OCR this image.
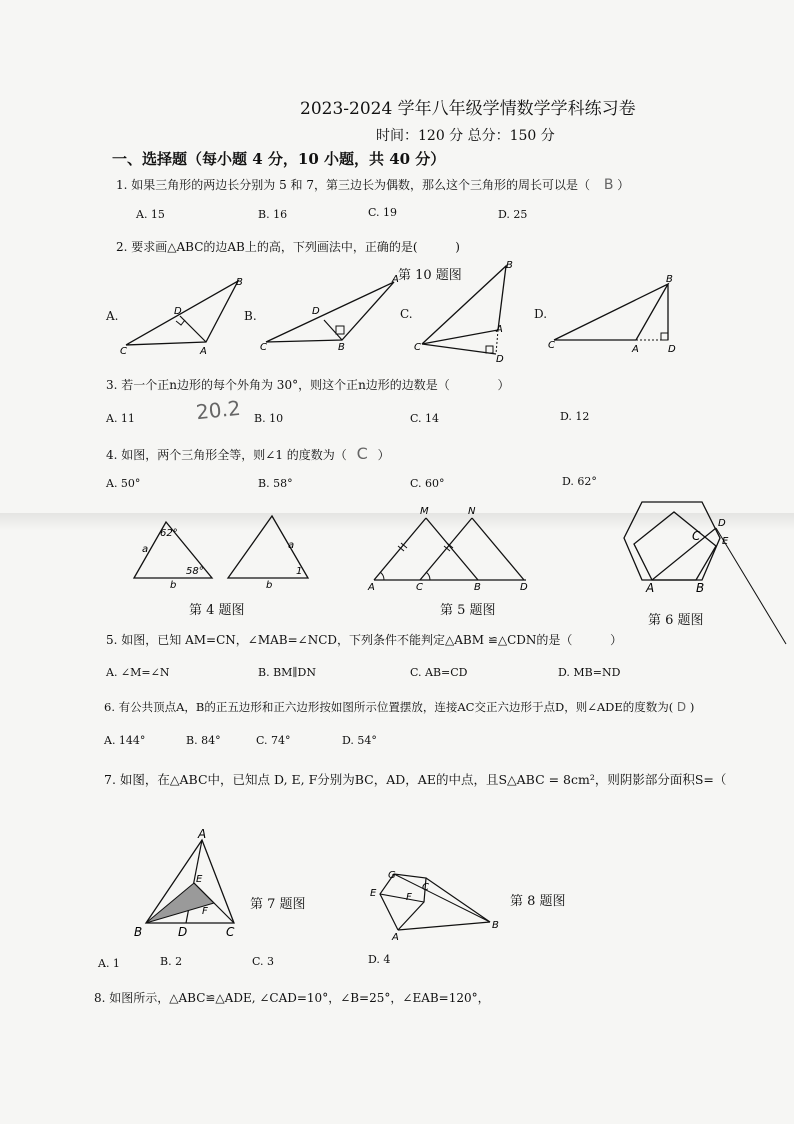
2023-2024 学年八年级学情数学学科练习卷
时间：120 分 总分：150 分
一、选择题（每小题 4 分，10 小题，共 40 分）
1. 如果三角形的两边长分别为 5 和 7，第三边长为偶数，那么这个三角形的周长可以是（ B ）
A. 15	B. 16	C. 19	D. 25
2. 要求画△ABC的边AB上的高，下列画法中，正确的是(	)
第 10 题图
A.	D
B
C	A
B.	D
A
C	B
C.
B
A
C
D
D.
B
C	A	D
3. 若一个正n边形的每个外角为 30°，则这个正n边形的边数是（	）
A. 11	B. 10	C. 14	D. 12
20.2
4. 如图，两个三角形全等，则∠1 的度数为（ C ）
A. 50°	B. 58°	C. 60°	D. 62°
62°
a
58°
b
a
b
1
第 4 题图
M	N
A	C	B	D
第 5 题图
D
C E
A	B
第 6 题图
5. 如图，已知 AM=CN，∠MAB=∠NCD，下列条件不能判定△ABM ≌△CDN的是（	）
A. ∠M=∠N	B. BM∥DN	C. AB=CD	D. MB=ND
6. 有公共顶点A，B的正五边形和正六边形按如图所示位置摆放，连接AC交正六边形于点D，则∠ADE的度数为( D )
A. 144°	B. 84°	C. 74°	D. 54°
7. 如图，在△ABC中，已知点 D, E, F分别为BC，AD，AE的中点，且S△ABC = 8cm²，则阴影部分面积S=（
A
E
F
B	D	C
第 7 题图
G
C
E	F
A
B
第 8 题图
A. 1	B. 2	C. 3	D. 4
8. 如图所示，△ABC≌△ADE, ∠CAD=10°，∠B=25°，∠EAB=120°，
